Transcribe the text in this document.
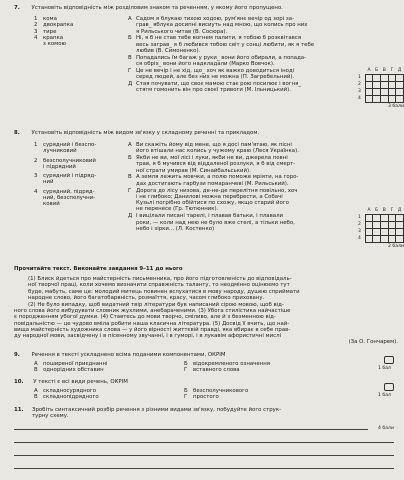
7. Установіть відповідність між розділовим знаком та реченням, у якому його пропущено.
1 кома
2 двокрапка
3 тире
4 крапка
з комою
А Садом я блукаю тихою ходою, рум'янє вечір од зорі за-
грав_ яблука досипні висиуть над мною, що колись про них
я Рильського читав (В. Сосюра).
Б Ні, я б не став тебе вогнем палити, я тобою б розквітався
весь заграв_ я б любився тобою світ у сонці любити, як я тебе
любив (В. Симоненко).
В Попадались їм багаж у руки_ вони його обирали, а попада-
ся обріх_ вони його надкладали (Марко Вовчок).
Г Це не вечір і не хід, що_ хоч як важко доводиться іноді
серед людей, але без них не можна (П. Загребельний).
Д Стая почувати, що своє мамою стає рою посилює і вогня_
стягм гомонить він про своєї тривоги (М. Ільницький).
	А	Б	В	Г	Д
1					
2					
3					
4					
3 бали
8. Установіть відповідність між видом зв'язку у складному реченні та прикладом.
1	сурядний і безспо-
лучниковий
2	безсполучниковий
і підрядний
3	сурядний і підряд-
ний
4	сурядний, підряд-
ний, безсполучни-
ковий
А Ви скажіть йому від мене, що я досі пам'ятаю, як пісні
його втішали нас колись у чужому краю (Леся Українка).
Б Якби не ви, мої лісі і луки, якби не ви, джерела повні
трав, я б мучився від віддаленої розлуки, я б від смерт-
ної страти умирав (М. Синайбальський).
В А земля лежить мовчки, а полю поможе мріяти, на горо-
дах достигають гарбузи помаранчеві (М. Рильський).
Г Дорога до лісу низова, де-не-де перелітня повільно, хоч
і не глибоко; Даниловi можна перебрести, а Собачі
Кузьлі погрібно обійтися по схожу, якщо старий його
не перенесе (Гр. Тютюнник).
Д І вицілали писанi тарелi, і плавав батьки, і плавали
роки, — коли над нею не було вже стелі, а тільки небо,
небо і зірки... (Л. Костенко)
	А	Б	В	Г	Д
1					
2					
3					
4					
2 бали
Прочитайте текст. Виконайте завдання 9–11 до нього
(1) Блиск йдеться про майстерність письменника, про його підготовленість до відповідаль-
ної творчої праці, коли хочемо визначити справжність таланту, то неодмінно оцінюємо тут
буде, мабуть, саме це: молодий митець повинен вслухатися в мову народу, душею сприймати
народне слово, його багатобарвність, розмаїття, красу, часом глибоко приховану.
(2) Не було випадку, щоб видатний твір літератури був написаний сірою мовою, щоб від-
ного слова його вибудувати словник жухлими, анебараченими. (3) Убога стилістика найчастіше
є породженням убогої думки. (4) Ставтесь до мови творчо, сміливо, але й з безменною від-
повідальністю — це чудово вміла робити наша класична література. (5) Досвід її вчить, що най-
вища майстерність художника слова — у його вірності життєвій правді, яка вбирає в себе прав-
ду народної мови, засвідчену і в пісенному звучанні, і в гуморі, і в лукавім афористичні мислі
(За О. Гончарем).
9. Речення в тексті ускладнено всіма поданими компонентами, ОКРІМ
А поширеної приєднанні	Б відокремленого означення
В однорідних обставин	Г вставного слова	1 бал
10. У тексті є всі види речень, ОКРІМ
А складносурядного	Б безсполучникового
В складнопідрядного	Г простого	1 бал
11.	Зробіть синтаксичний розбір речення з різними видами зв'язку, побудуйте його струк-
турну схему.
4 бали
